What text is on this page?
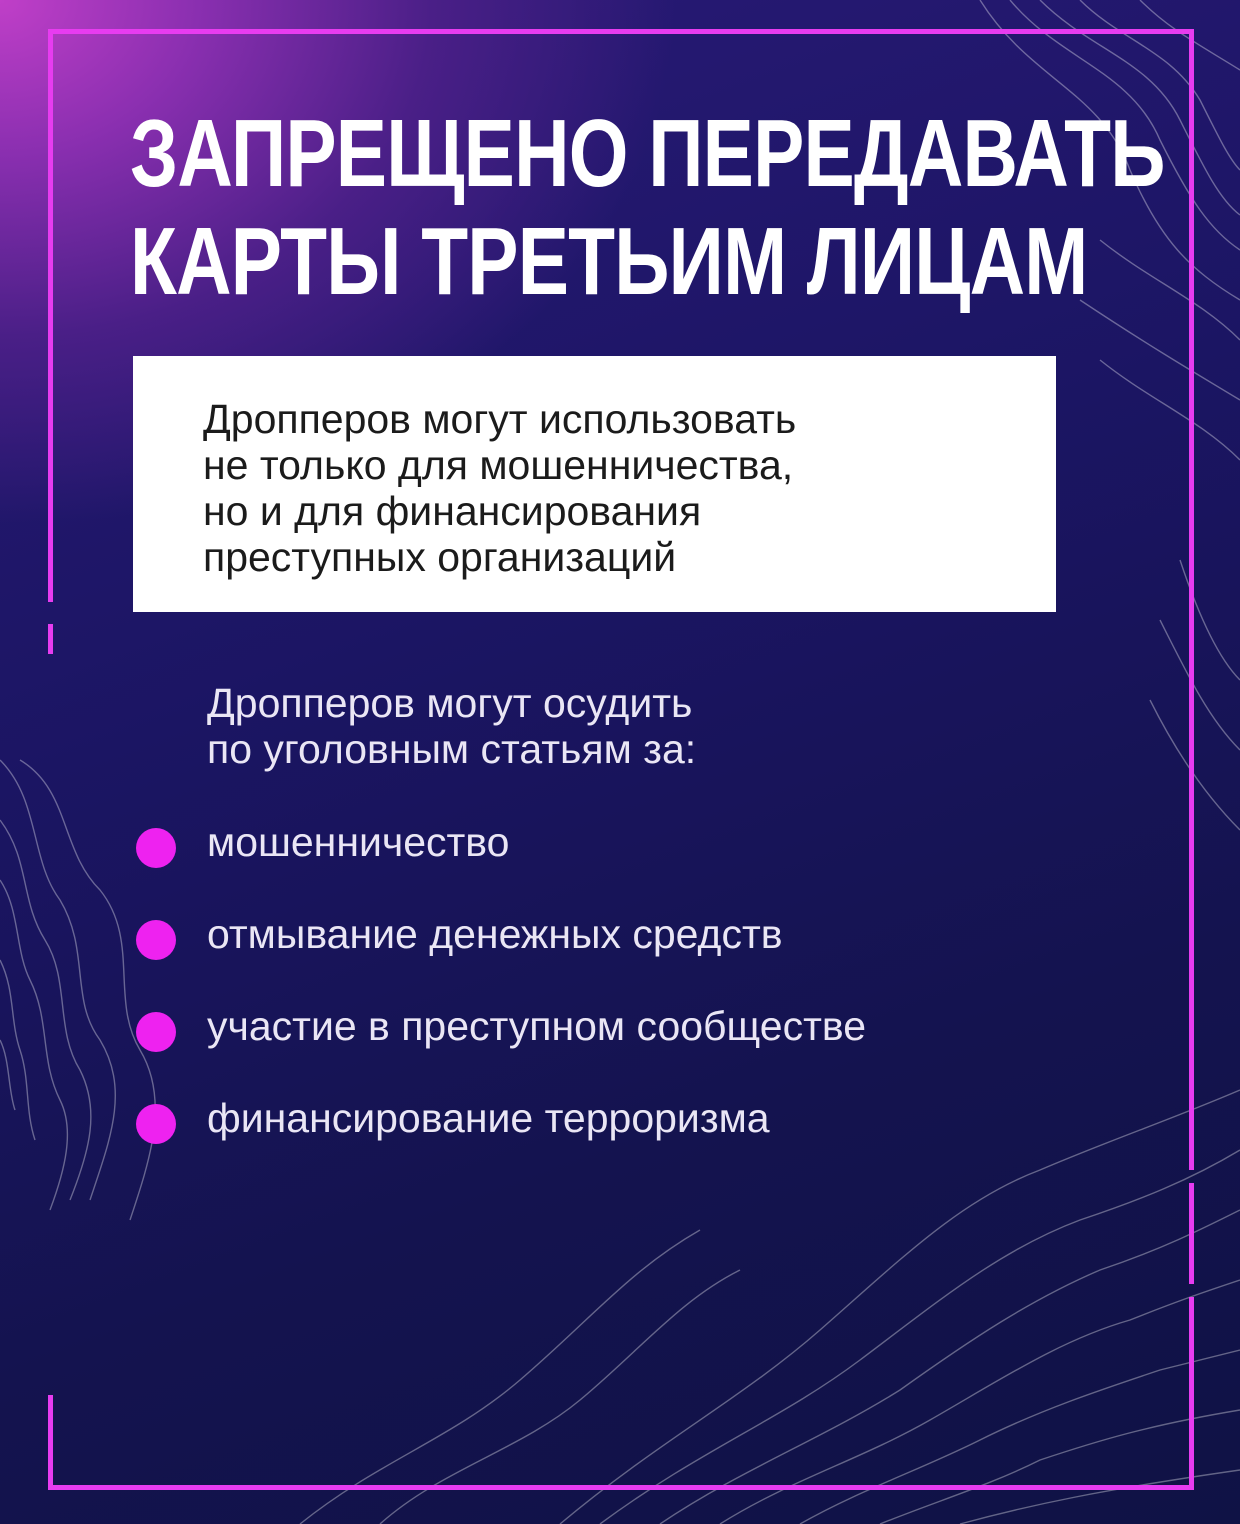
ЗАПРЕЩЕНО ПЕРЕДАВАТЬ
КАРТЫ ТРЕТЬИМ ЛИЦАМ
Дропперов могут использовать
не только для мошенничества,
но и для финансирования
преступных организаций
Дропперов могут осудить
по уголовным статьям за:
мошенничество
отмывание денежных средств
участие в преступном сообществе
финансирование терроризма
